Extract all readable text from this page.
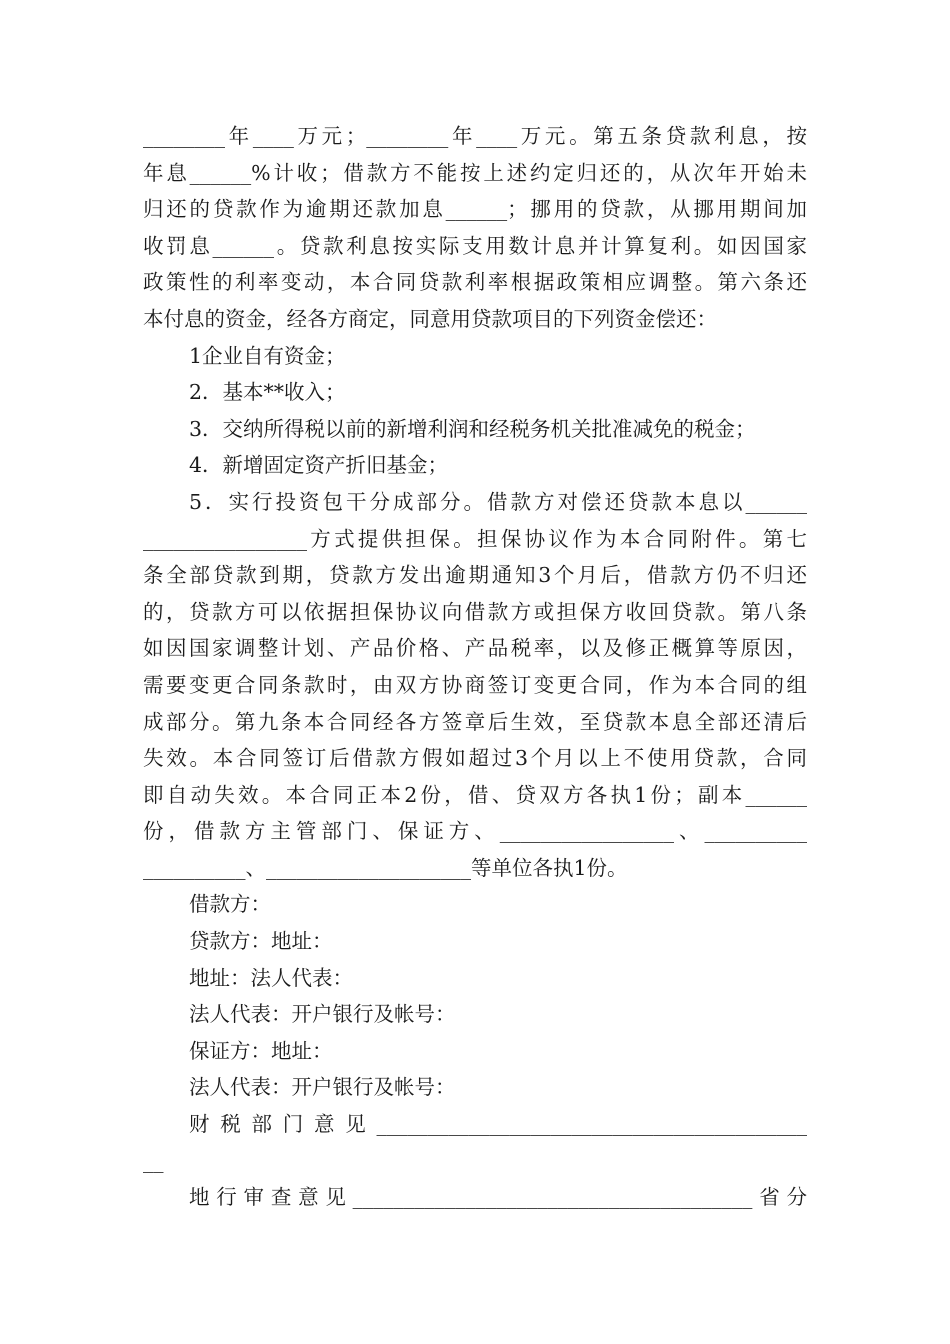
________年____万元；________年____万元。第五条贷款利息，按
年息______%计收；借款方不能按上述约定归还的，从次年开始未
归还的贷款作为逾期还款加息______；挪用的贷款，从挪用期间加
收罚息______。贷款利息按实际支用数计息并计算复利。如因国家
政策性的利率变动，本合同贷款利率根据政策相应调整。第六条还
本付息的资金，经各方商定，同意用贷款项目的下列资金偿还：
1企业自有资金；
2．基本**收入；
3．交纳所得税以前的新增利润和经税务机关批准减免的税金；
4．新增固定资产折旧基金；
5．实行投资包干分成部分。借款方对偿还贷款本息以______
________________方式提供担保。担保协议作为本合同附件。第七
条全部贷款到期，贷款方发出逾期通知3个月后，借款方仍不归还
的，贷款方可以依据担保协议向借款方或担保方收回贷款。第八条
如因国家调整计划、产品价格、产品税率，以及修正概算等原因，
需要变更合同条款时，由双方协商签订变更合同，作为本合同的组
成部分。第九条本合同经各方签章后生效，至贷款本息全部还清后
失效。本合同签订后借款方假如超过3个月以上不使用贷款，合同
即自动失效。本合同正本2份，借、贷双方各执1份；副本______
份，借款方主管部门、保证方、_________________、__________
__________、____________________等单位各执1份。
借款方：
贷款方：地址：
地址：法人代表：
法人代表：开户银行及帐号：
保证方：地址：
法人代表：开户银行及帐号：
财税部门意见__________________________________________
__
地行审查意见_______________________________________省分
